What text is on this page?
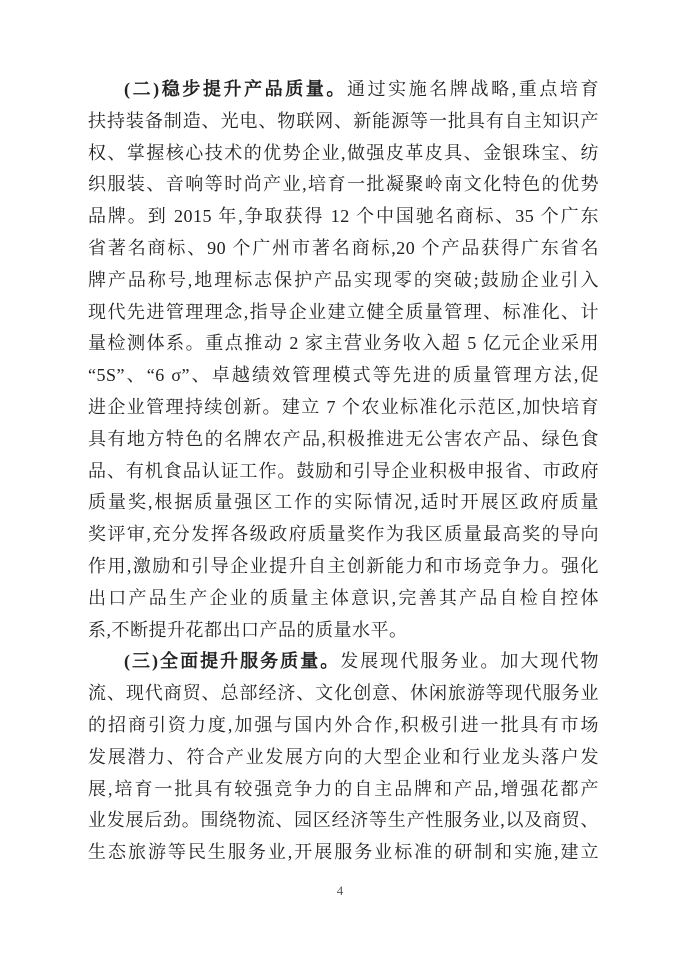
(二)稳步提升产品质量。通过实施名牌战略,重点培育
扶持装备制造、光电、物联网、新能源等一批具有自主知识产
权、掌握核心技术的优势企业,做强皮革皮具、金银珠宝、纺
织服装、音响等时尚产业,培育一批凝聚岭南文化特色的优势
品牌。到 2015 年,争取获得 12 个中国驰名商标、35 个广东
省著名商标、90 个广州市著名商标,20 个产品获得广东省名
牌产品称号,地理标志保护产品实现零的突破;鼓励企业引入
现代先进管理理念,指导企业建立健全质量管理、标准化、计
量检测体系。重点推动 2 家主营业务收入超 5 亿元企业采用
“5S”、“6 σ”、卓越绩效管理模式等先进的质量管理方法,促
进企业管理持续创新。建立 7 个农业标准化示范区,加快培育
具有地方特色的名牌农产品,积极推进无公害农产品、绿色食
品、有机食品认证工作。鼓励和引导企业积极申报省、市政府
质量奖,根据质量强区工作的实际情况,适时开展区政府质量
奖评审,充分发挥各级政府质量奖作为我区质量最高奖的导向
作用,激励和引导企业提升自主创新能力和市场竞争力。强化
出口产品生产企业的质量主体意识,完善其产品自检自控体
系,不断提升花都出口产品的质量水平。
(三)全面提升服务质量。发展现代服务业。加大现代物
流、现代商贸、总部经济、文化创意、休闲旅游等现代服务业
的招商引资力度,加强与国内外合作,积极引进一批具有市场
发展潜力、符合产业发展方向的大型企业和行业龙头落户发
展,培育一批具有较强竞争力的自主品牌和产品,增强花都产
业发展后劲。围绕物流、园区经济等生产性服务业,以及商贸、
生态旅游等民生服务业,开展服务业标准的研制和实施,建立
4
